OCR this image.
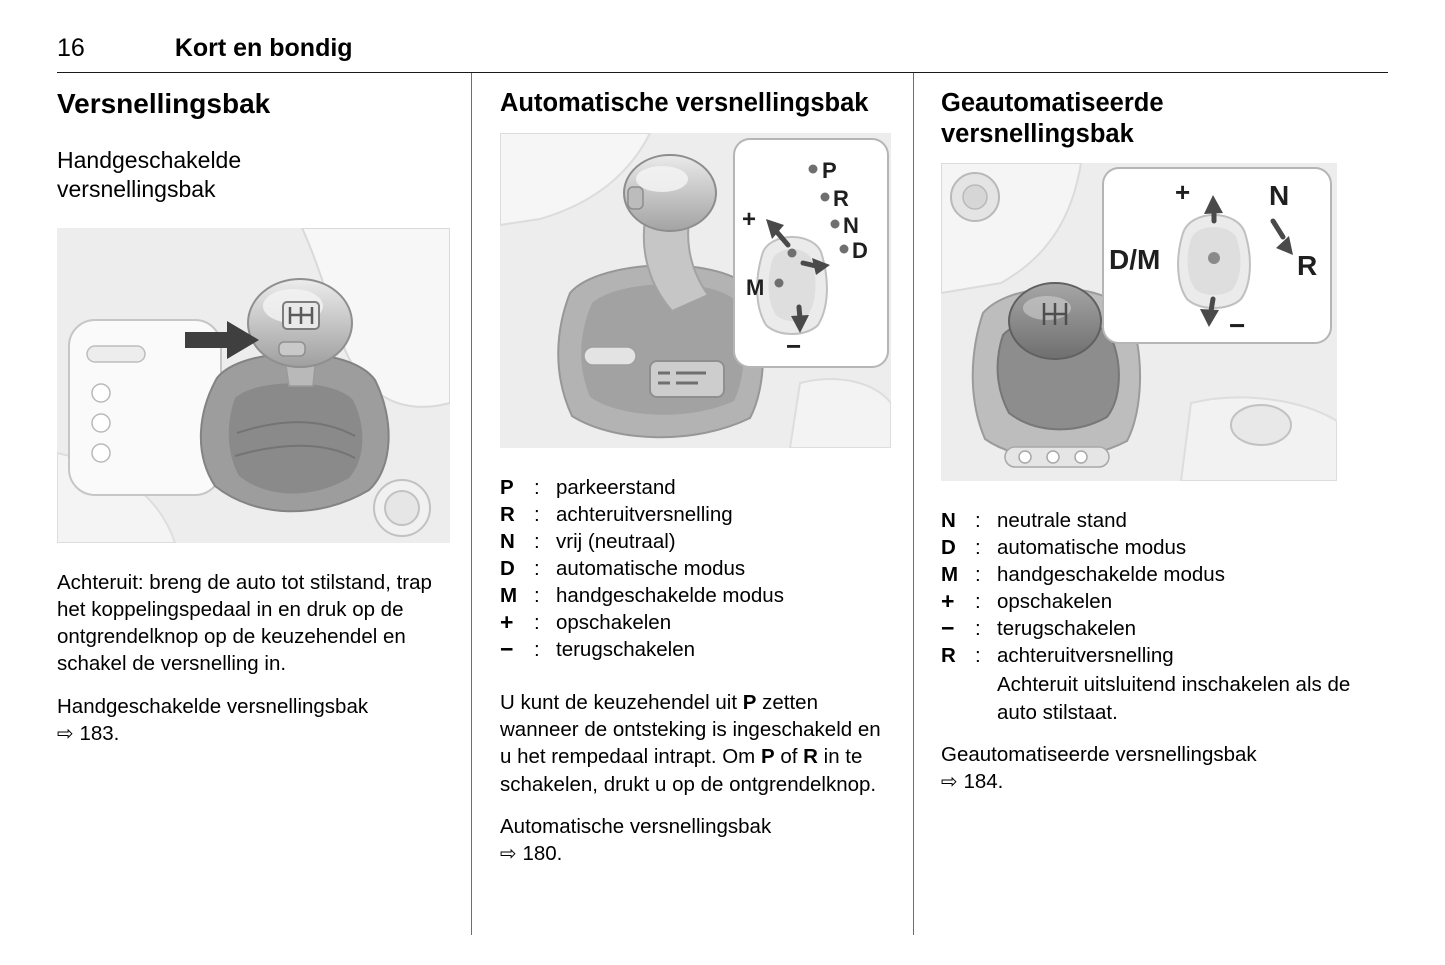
16	Kort en bondig
Versnellingsbak
Handgeschakelde versnellingsbak

Achteruit: breng de auto tot stilstand, trap het koppelingspedaal in en druk op de ontgrendelknop op de keuzehendel en schakel de versnelling in.

Handgeschakelde versnellingsbak
⇨ 183.

Automatische versnellingsbak
P
R
N
D
M
+
−
P : parkeerstand
R : achteruitversnelling
N : vrij (neutraal)
D : automatische modus
M : handgeschakelde modus
+	: opschakelen
−	: terugschakelen

U kunt de keuzehendel uit P zetten wanneer de ontsteking is ingeschakeld en u het rempedaal intrapt. Om P of R in te schakelen, drukt u op de ontgrendelknop.

Automatische versnellingsbak
⇨ 180.

Geautomatiseerde versnellingsbak
+	N
D/M	R
−
N : neutrale stand
D : automatische modus
M : handgeschakelde modus
+	: opschakelen
−	: terugschakelen
R : achteruitversnelling
Achteruit uitsluitend inschakelen als de auto stilstaat.

Geautomatiseerde versnellingsbak
⇨ 184.
